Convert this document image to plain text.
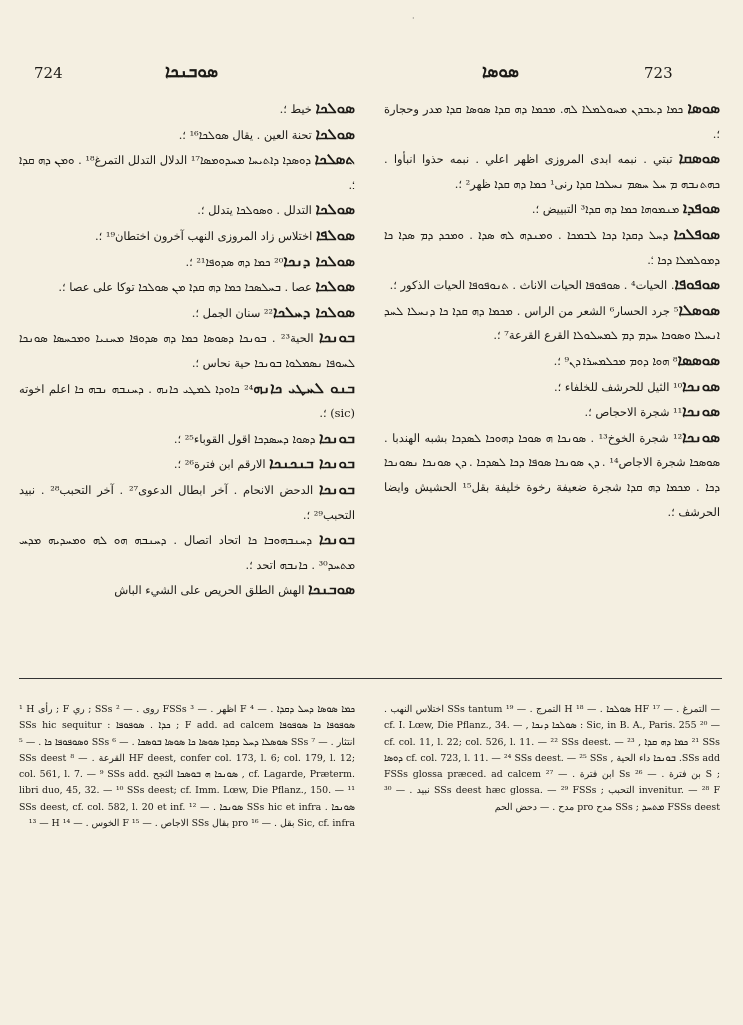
·
724	ܣܘܒܢܟܐ	ܣܘܣܐ	723

ܣܘܠܟܐ خيط ؛.

ܣܘܠܟܐ تحنة العين . يقال ܣܘܠܟܐ¹⁶ ؛.

ܬܣܠܟܐ ܕܘܣܕܐ ܕܐܬܝܚܐ ܡܚܕܘܡܣܐ¹⁷ الدلال التدلل التمرغ¹⁸ . ܘܡܢ ܕܗ ܩܕܐ ؛.

ܣܘܠܟܐ التدلل . ܘܣܘܠܟܐ يتدلل ؛.

ܣܘܠܦܐ اختلاس زاد المروزى النهب آخرون اختطان¹⁹ ؛.

ܣܘܠܟܐ ܕܢܟܐ²⁰ ܟܡܐ ܕܗ ܣܕܘܦܐ²¹ ؛.

ܣܘܠܟܐ عصا . ܒܚܠܣܟܐ ܟܡܐ ܕܗ ܩܕܐ ܡܢ ܣܘܠܟܐ توكا على عصا ؛.

ܣܘܠܟܐ ܕܚܠܟܐ²² سنان الجمل ؛.

ܒܘܢܟܐ الحية²³ . ܒܘܢܟܐ ܕܣܘܣܐ ܟܡܐ ܕܗ ܣܕܘܦܐ ܡܚܢܝܐ ܘܡܟܚܣܐ ܣܘܢܟܐ ܠܚܘܦܐ ܢܣܡܠܘܐ ܒܘܢܟܐ حية نحاس ؛.

ܒܢܘ ܠܚܛܝ ܟܐܢܗ²⁴ ܟܐܘܕܐ ܠܡܛܝ ܟܐܢܗ . ܕܚܢܒܗ ܢܒܗ ܟܐ اعلم اخوته (sic) ؛.

ܒܘܢܟܐ ܕܣܘܐ ܕܚܣܕܟܐ اقول القوباء²⁵ ؛.

ܒܘܢܟܐ ܒܢܟܢܟܐ الارقم ابن فترة²⁶ ؛.

ܒܘܢܟܐ الدحض الانحام . آخر ابطال الدعوى²⁷ . آخر التحبب²⁸ . نبيد التحبب²⁹ ؛.

ܒܘܢܟܐ ܕܚܢܒܗܘܒܐ ܟܐ اتحاد اتصال . ܕܚܢܒܗ ܗܘ ܠܗ ܘܡܚܕܝܗ ܡܕܚ ܡܬܚܕ³⁰ . ܟܐܢܒܗ اتحد ؛.

ܣܘܒܢܟܐ الهش الطلق الحريص على الشيء الباش

ܣܘܣܐ ܟܡܐ ܕܥܒܕܢ ܡܚܘܠܡܠܐ ܠܗ. ܡܟܡܐ ܕܗ ܩܕܐ ܣܘܣܐ ܩܕܐ ܡدر وحجارة ؛.

ܣܘܣܩܐ تبتي . نبمه ابدى المروزى اظهر اعلي . نبمه حذوا انبأوا . ܟܗܬܢܒܗ ܡ ܚܠ ܚܣܡ ܢܚܠܟܐ ܩܕܐ رنى¹ ܟܡܐ ܕܗ ܩܕܐ ظهر² ؛.

ܣܘܦܕܐ ܡܢܡܘܗܐ ܟܡܐ ܕܗ ܩܕܐ³ التبييض ؛.

ܣܘܦܠܟܐ ܕܚܠ ܕܩܕܐ ܕܟܐ ܠܒܡܟܐ . ܘܡܢܕܗ ܠܗ ܣܕܐ . ܘܡܟܕ ܕܡ ܣܕܐ ܟܐ ܕܡܘܠܡܠܐ ܕܟܐ ؛.

ܣܘܦܘܦܐ. الحيات⁴ . ܣܘܦܘܦܐ الحيات الاناث . ܬܢܘܦܘܦܐ الحيات الذكور ؛.

ܣܘܣܠܐ⁵ جرد الحسار⁶ الشعر من الراس . ܡܟܡܐ ܕܗ ܩܕܐ ܟܐ ܕܢܚܠܐ ܠܚܕ ܐܢܚܠܐ ܘܣܘܟܐ ܚܕܡ ܕܡ ܠܡܚܠܘܠܐ القرع القرعة⁷ ؛.

ܣܘܣܣܐ⁸ ܗܘܐ ܕܘܡ ܡܟܠܡܚܪܐ ܕܢ⁹ ؛.

ܣܘܢܟܐ¹⁰ الثيل للحرشف للخلفاء ؛.

ܣܘܢܟܐ¹¹ شجرة الاحجاص ؛.

ܣܘܢܟܐ¹² شجرة الخوخ¹³ . ܣܘܢܟܐ ܗ ܣܘܟܐ ܕܗܘܟܐ ܠܣܕܟܐ بشبه الهندبا . ܣܘܣܟܐ شجرة الاجاص¹⁴ . ܕܢ ܣܘܢܟܐ ܣܘܦܐ ܕܟܐ ܠܣܕܟܐ . ܕܢ ܣܘܢܟܐ ܢܣܘܢܟܐ ܕܟܐ . ܡܟܡܐ ܕܗ ܩܕܐ شجرة ضعيفة رخوة خليفة بقل¹⁵ الحشيش وايضا الحرشف ؛.

¹ H رأى ; F ري ; SSs روى . — ² FSSs اظهر . — ³ F ܟܡܐ ܣܘܣܐ ܕܚܠ ܕܩܕܐ . — ⁴ SSs hic sequitur : ܟܕܐ . ܣܘܦܘܦܐ ; F add. ad calcem ܣܘܦܘܦܐ ܟܐ ܣܘܦܘܦܐ ܘܣܘܦܘܦܐ ܟܐ . — ⁵ SSs ܣܘܣܠܐ ܕܚܠ ܕܩܕܐ ܣܘܣܐ ܟܐ ܣܘܣܐ ܒܘܣܟܐ . — ⁶ SSs انتثار . — ⁷ SSs deest القرعة . — ⁸ HF deest, confer col. 173, l. 6; col. 179, l. 12; col. 561, l. 7. — ⁹ SSs add. ܣܘܢܟܐ ܗ ܒܘܣܟܐ الثجح , cf. Lagarde, Præterm. libri duo, 45, 32. — ¹⁰ SSs deest; cf. Imm. Lœw, Die Pflanz., 150. — ¹¹ SSs deest, cf. col. 582, l. 20 et inf. ܣܘܢܟܐ . — ¹² SSs hic et infra ܣܘܢܟܐ . — ¹³ H الخوس . — ¹⁴ F الاجاص . — ¹⁵ SSs بقال pro بقل . — ¹⁶ Sic, cf. infra
— التمرغ . — ¹⁷ HF ܣܘܠܟܐ . — ¹⁸ H التمرج . — ¹⁹ SSs tantum اختلاس النهب . — ²⁰ Sic, in B. A., Paris. 255 : ܣܘܠܟܐ ܕܢܟܐ , cf. I. Lœw, Die Pflanz., 34. — ²¹ SSs ܟܡܐ ܕܗ ܩܕܐ , cf. col. 11, l. 22; col. 526, l. 11. — ²² SSs deest. — ²³ SSs add. ܒܘܢܟܐ داء الحية , cf. col. 723, l. 11. — ²⁴ SSs deest. — ²⁵ SSs ܕܘܣܐ ; S بن فترة . — ²⁶ Ss ابن فترة . — ²⁷ FSSs glossa præced. ad calcem invenitur. — ²⁸ F التحبب ; SSs deest hæc glossa. — ²⁹ FSSs نبيد . — ³⁰ FSSs deest ܡܬܚܕ ; SSs مدح pro مدح . — دحض الحم
